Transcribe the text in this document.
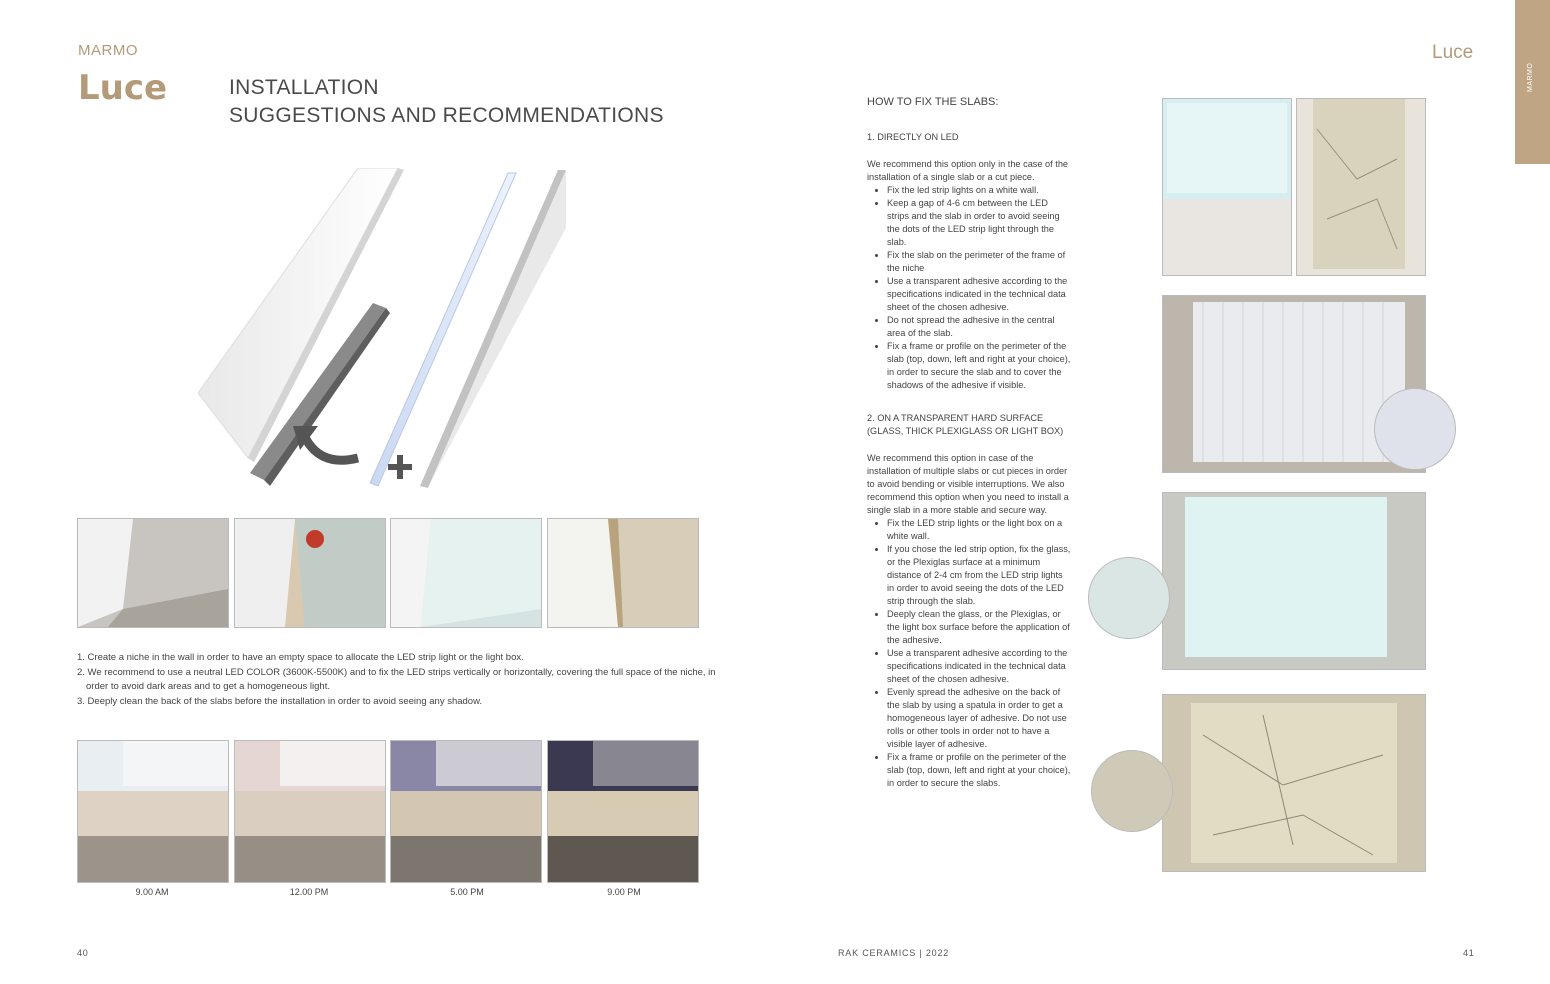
MARMO
Luce	INSTALLATION
SUGGESTIONS AND RECOMMENDATIONS
Luce
MARMO
1. Create a niche in the wall in order to have an empty space to allocate the LED strip light or the light box.
2. We recommend to use a neutral LED COLOR (3600K-5500K) and to fix the LED strips vertically or horizontally, covering the full space of the niche, in order to avoid dark areas and to get a homogeneous light.
3. Deeply clean the back of the slabs before the installation in order to avoid seeing any shadow.
9.00 AM	12.00 PM	5.00 PM	9.00 PM
HOW TO FIX THE SLABS:
1. DIRECTLY ON LED

We recommend this option only in the case of the installation of a single slab or a cut piece.

• Fix the led strip lights on a white wall.
• Keep a gap of 4-6 cm between the LED strips and the slab in order to avoid seeing the dots of the LED strip light through the slab.
• Fix the slab on the perimeter of the frame of the niche
• Use a transparent adhesive according to the specifications indicated in the technical data sheet of the chosen adhesive.
• Do not spread the adhesive in the central area of the slab.
• Fix a frame or profile on the perimeter of the slab (top, down, left and right at your choice), in order to secure the slab and to cover the shadows of the adhesive if visible.
2. ON A TRANSPARENT HARD SURFACE (GLASS, THICK PLEXIGLASS OR LIGHT BOX)

We recommend this option in case of the installation of multiple slabs or cut pieces in order to avoid bending or visible interruptions. We also recommend this option when you need to install a single slab in a more stable and secure way.

• Fix the LED strip lights or the light box on a white wall.
• If you chose the led strip option, fix the glass, or the Plexiglas surface at a minimum distance of 2-4 cm from the LED strip lights in order to avoid seeing the dots of the LED strip through the slab.
• Deeply clean the glass, or the Plexiglas, or the light box surface before the application of the adhesive.
• Use a transparent adhesive according to the specifications indicated in the technical data sheet of the chosen adhesive.
• Evenly spread the adhesive on the back of the slab by using a spatula in order to get a homogeneous layer of adhesive. Do not use rolls or other tools in order not to have a visible layer of adhesive.
• Fix a frame or profile on the perimeter of the slab (top, down, left and right at your choice), in order to secure the slabs.
40	RAK CERAMICS | 2022	41
